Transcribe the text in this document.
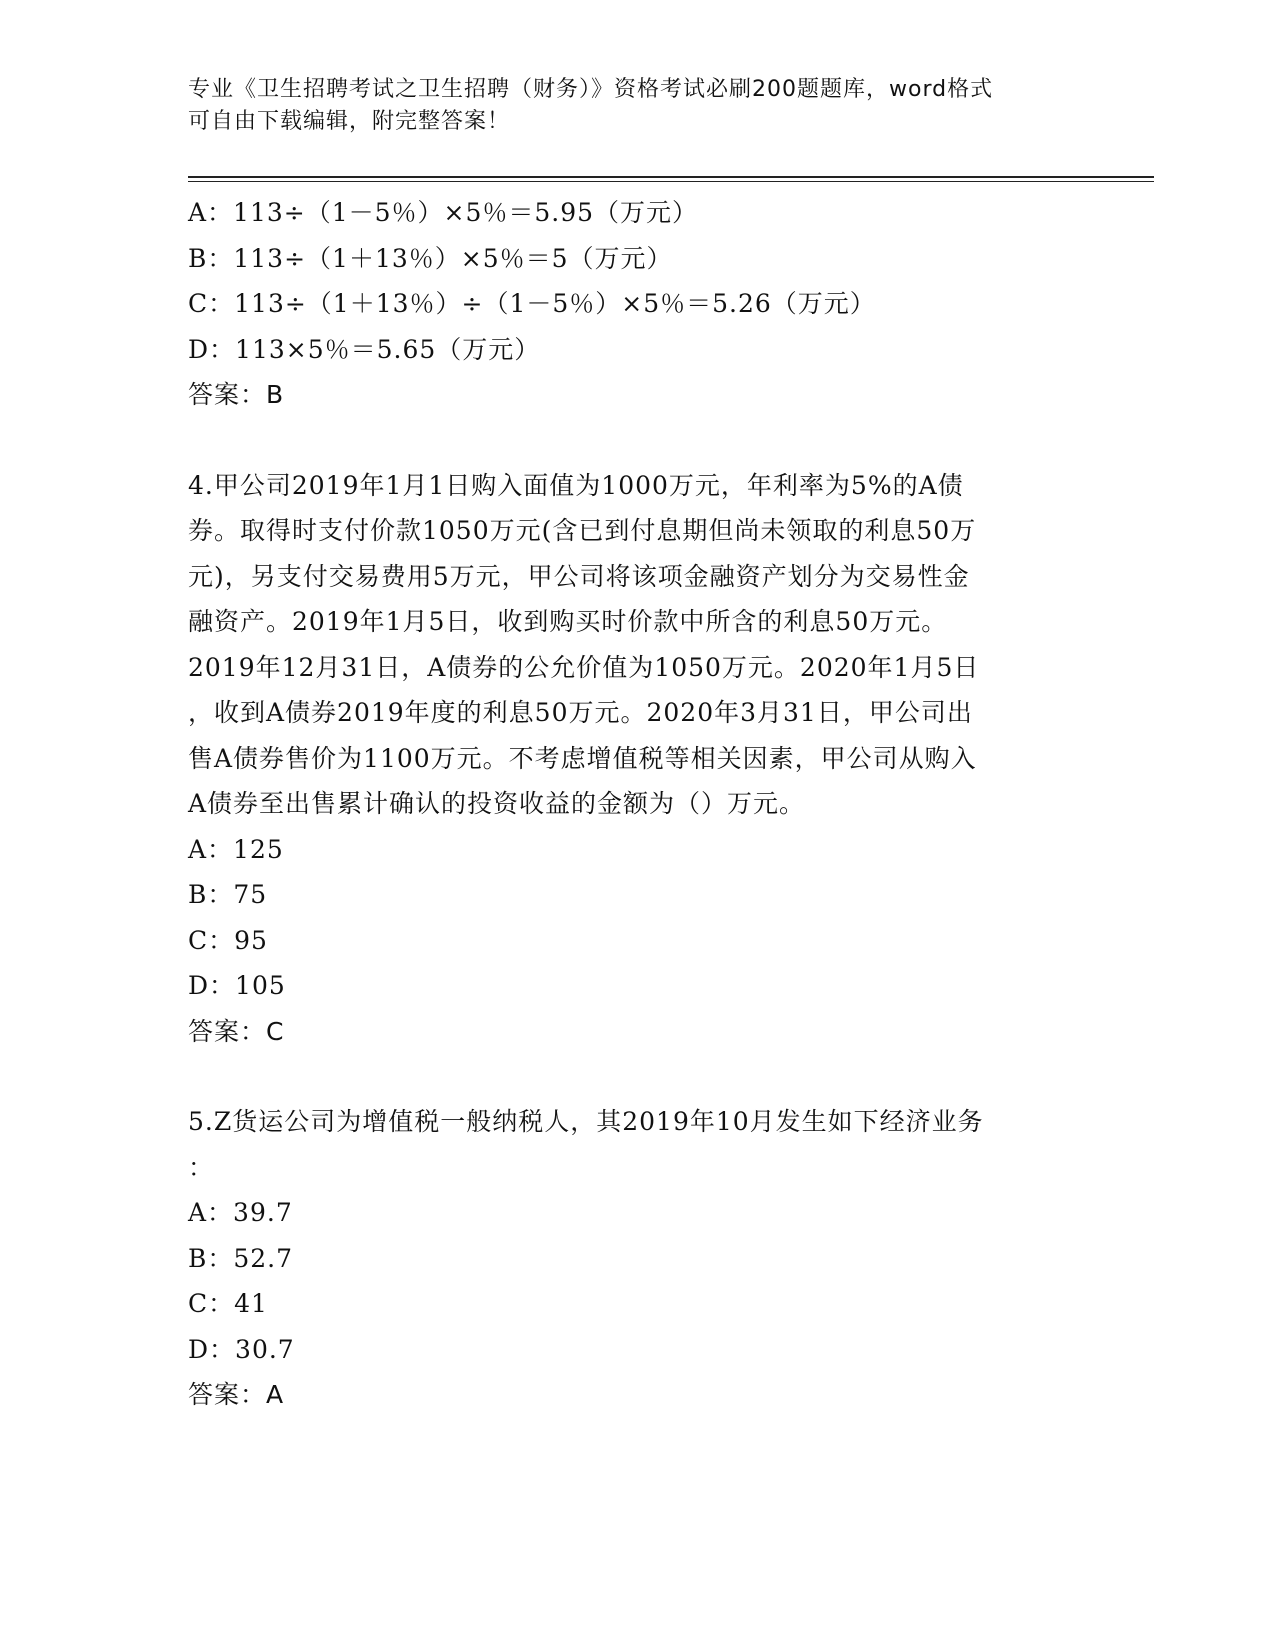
专业《卫生招聘考试之卫生招聘（财务）》资格考试必刷200题题库，word格式
可自由下载编辑，附完整答案！
A：113÷（1－5％）×5％＝5.95（万元）
B：113÷（1＋13％）×5％＝5（万元）
C：113÷（1＋13％）÷（1－5％）×5％＝5.26（万元）
D：113×5％＝5.65（万元）
答案：B
4.甲公司2019年1月1日购入面值为1000万元，年利率为5%的A债
券。取得时支付价款1050万元(含已到付息期但尚未领取的利息50万
元)，另支付交易费用5万元，甲公司将该项金融资产划分为交易性金
融资产。2019年1月5日，收到购买时价款中所含的利息50万元。
2019年12月31日，A债券的公允价值为1050万元。2020年1月5日
，收到A债券2019年度的利息50万元。2020年3月31日，甲公司出
售A债券售价为1100万元。不考虑增值税等相关因素，甲公司从购入
A债券至出售累计确认的投资收益的金额为（）万元。
A：125
B：75
C：95
D：105
答案：C
5.Z货运公司为增值税一般纳税人，其2019年10月发生如下经济业务
：
A：39.7
B：52.7
C：41
D：30.7
答案：A
